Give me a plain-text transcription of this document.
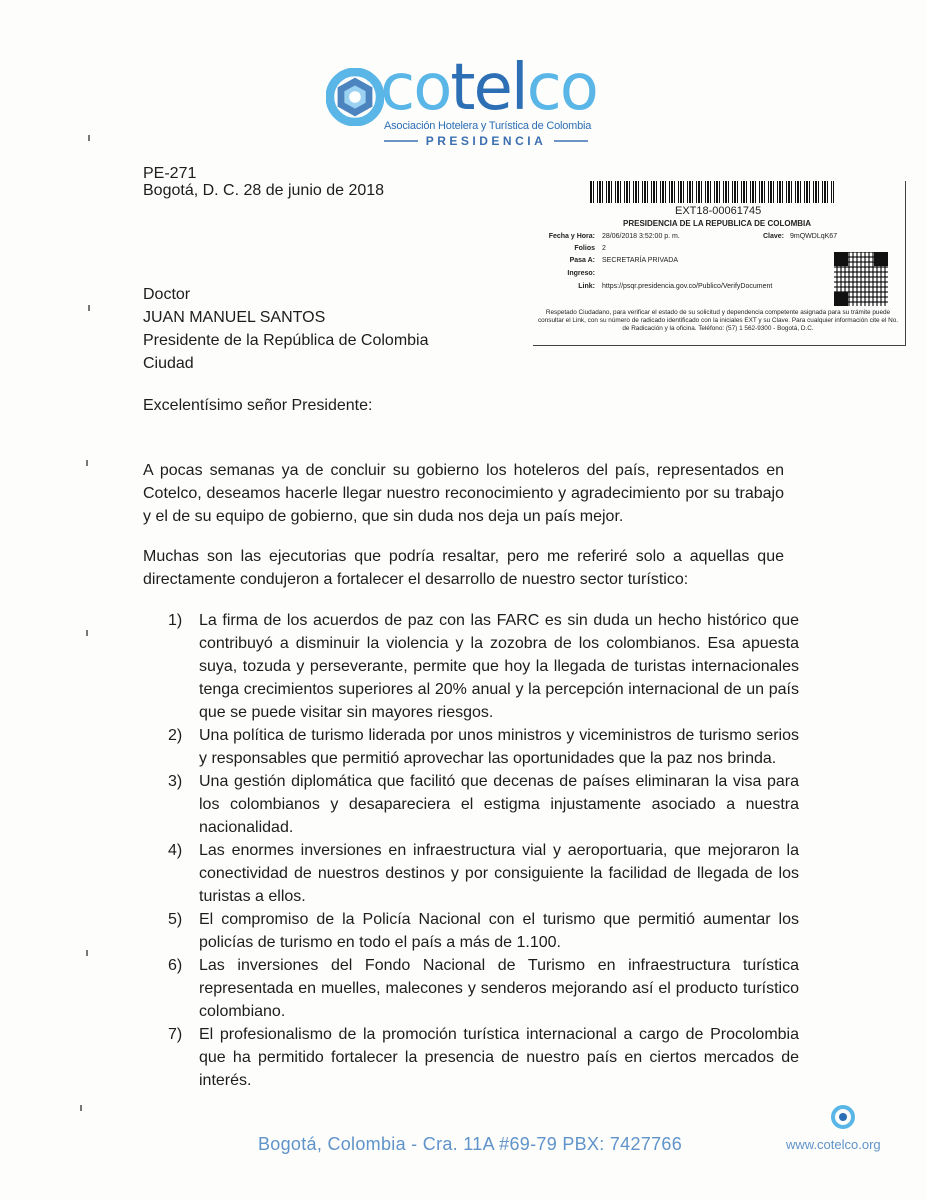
cotelco
Asociación Hotelera y Turística de Colombia
PRESIDENCIA
PE-271
Bogotá, D. C. 28 de junio de 2018
EXT18-00061745
PRESIDENCIA DE LA REPUBLICA DE COLOMBIA
Fecha y Hora: 28/06/2018 3:52:00 p. m.	Clave: 9mQWDLqK67
Folios 2
Pasa A: SECRETARÍA PRIVADA
Ingreso:
Link: https://psqr.presidencia.gov.co/Publico/VerifyDocument
Respetado Ciudadano, para verificar el estado de su solicitud y dependencia competente asignada para su trámite puede consultar el Link, con su número de radicado identificado con la iniciales EXT y su Clave. Para cualquier información cite el No. de Radicación y la oficina. Teléfono: (57) 1 562-9300 - Bogotá, D.C.
Doctor
JUAN MANUEL SANTOS
Presidente de la República de Colombia
Ciudad
Excelentísimo señor Presidente:
A pocas semanas ya de concluir su gobierno los hoteleros del país, representados en Cotelco, deseamos hacerle llegar nuestro reconocimiento y agradecimiento por su trabajo y el de su equipo de gobierno, que sin duda nos deja un país mejor.
Muchas son las ejecutorias que podría resaltar, pero me referiré solo a aquellas que directamente condujeron a fortalecer el desarrollo de nuestro sector turístico:
1) La firma de los acuerdos de paz con las FARC es sin duda un hecho histórico que contribuyó a disminuir la violencia y la zozobra de los colombianos. Esa apuesta suya, tozuda y perseverante, permite que hoy la llegada de turistas internacionales tenga crecimientos superiores al 20% anual y la percepción internacional de un país que se puede visitar sin mayores riesgos.
2) Una política de turismo liderada por unos ministros y viceministros de turismo serios y responsables que permitió aprovechar las oportunidades que la paz nos brinda.
3) Una gestión diplomática que facilitó que decenas de países eliminaran la visa para los colombianos y desapareciera el estigma injustamente asociado a nuestra nacionalidad.
4) Las enormes inversiones en infraestructura vial y aeroportuaria, que mejoraron la conectividad de nuestros destinos y por consiguiente la facilidad de llegada de los turistas a ellos.
5) El compromiso de la Policía Nacional con el turismo que permitió aumentar los policías de turismo en todo el país a más de 1.100.
6) Las inversiones del Fondo Nacional de Turismo en infraestructura turística representada en muelles, malecones y senderos mejorando así el producto turístico colombiano.
7) El profesionalismo de la promoción turística internacional a cargo de Procolombia que ha permitido fortalecer la presencia de nuestro país en ciertos mercados de interés.
Bogotá, Colombia - Cra. 11A #69-79 PBX: 7427766	www.cotelco.org
